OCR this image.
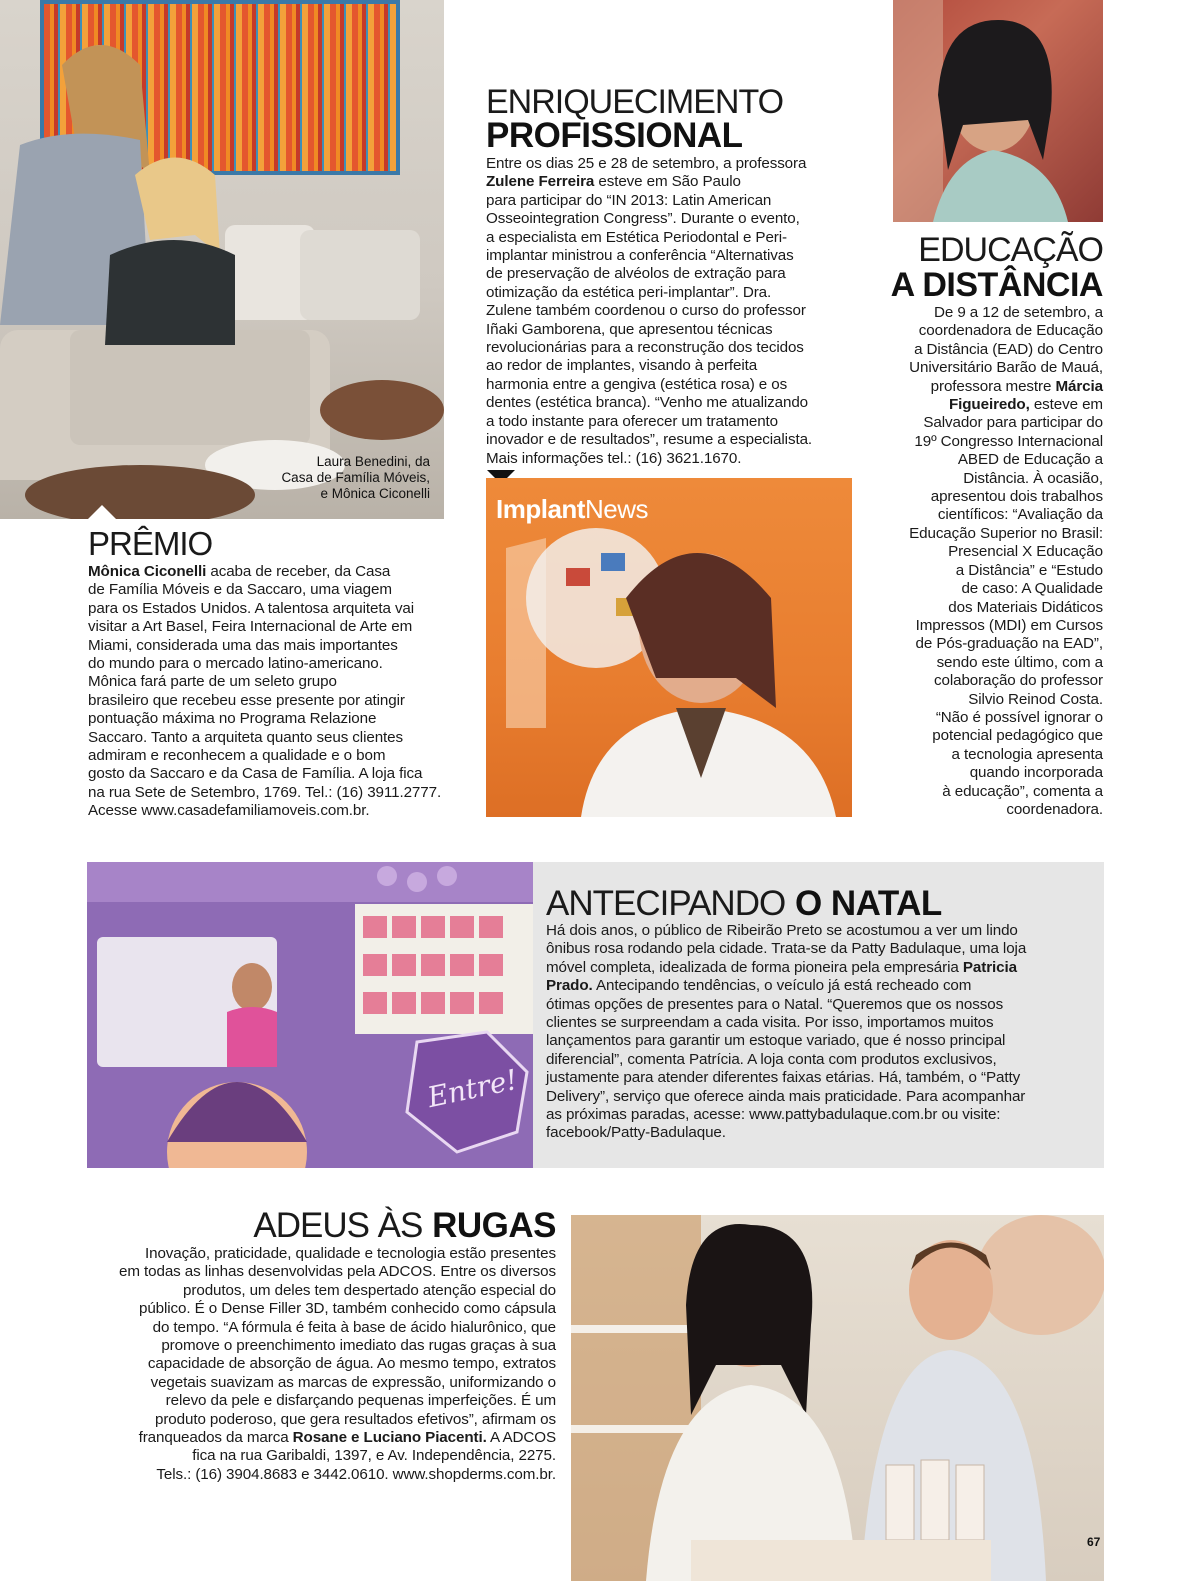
Laura Benedini, da
Casa de Família Móveis,
e Mônica Ciconelli
PRÊMIO

Mônica Ciconelli acaba de receber, da Casa

de Família Móveis e da Saccaro, uma viagem

para os Estados Unidos. A talentosa arquiteta vai

visitar a Art Basel, Feira Internacional de Arte em

Miami, considerada uma das mais importantes

do mundo para o mercado latino-americano.

Mônica fará parte de um seleto grupo

brasileiro que recebeu esse presente por atingir

pontuação máxima no Programa Relazione

Saccaro. Tanto a arquiteta quanto seus clientes

admiram e reconhecem a qualidade e o bom

gosto da Saccaro e da Casa de Família. A loja fica

na rua Sete de Setembro, 1769. Tel.: (16) 3911.2777.

Acesse www.casadefamiliamoveis.com.br.

ENRIQUECIMENTO
PROFISSIONAL

Entre os dias 25 e 28 de setembro, a professora

Zulene Ferreira esteve em São Paulo

para participar do “IN 2013: Latin American

Osseointegration Congress”. Durante o evento,

a especialista em Estética Periodontal e Peri-

implantar ministrou a conferência “Alternativas

de preservação de alvéolos de extração para

otimização da estética peri-implantar”. Dra.

Zulene também coordenou o curso do professor

Iñaki Gamborena, que apresentou técnicas

revolucionárias para a reconstrução dos tecidos

ao redor de implantes, visando à perfeita

harmonia entre a gengiva (estética rosa) e os

dentes (estética branca). “Venho me atualizando

a todo instante para oferecer um tratamento

inovador e de resultados”, resume a especialista.

Mais informações tel.: (16) 3621.1670.

ImplantNews
EDUCAÇÃO
A DISTÂNCIA

De 9 a 12 de setembro, a

coordenadora de Educação

a Distância (EAD) do Centro

Universitário Barão de Mauá,

professora mestre Márcia

Figueiredo, esteve em

Salvador para participar do

19º Congresso Internacional

ABED de Educação a

Distância. À ocasião,

apresentou dois trabalhos

científicos: “Avaliação da

Educação Superior no Brasil:

Presencial X Educação

a Distância” e “Estudo

de caso: A Qualidade

dos Materiais Didáticos

Impressos (MDI) em Cursos

de Pós-graduação na EAD”,

sendo este último, com a

colaboração do professor

Silvio Reinod Costa.

“Não é possível ignorar o

potencial pedagógico que

a tecnologia apresenta

quando incorporada

à educação”, comenta a

coordenadora.

Entre!
ANTECIPANDO O NATAL

Há dois anos, o público de Ribeirão Preto se acostumou a ver um lindo

ônibus rosa rodando pela cidade. Trata-se da Patty Badulaque, uma loja

móvel completa, idealizada de forma pioneira pela empresária Patricia

Prado. Antecipando tendências, o veículo já está recheado com

ótimas opções de presentes para o Natal. “Queremos que os nossos

clientes se surpreendam a cada visita. Por isso, importamos muitos

lançamentos para garantir um estoque variado, que é nosso principal

diferencial”, comenta Patrícia. A loja conta com produtos exclusivos,

justamente para atender diferentes faixas etárias. Há, também, o “Patty

Delivery”, serviço que oferece ainda mais praticidade. Para acompanhar

as próximas paradas, acesse: www.pattybadulaque.com.br ou visite:

facebook/Patty-Badulaque.

ADEUS ÀS RUGAS

Inovação, praticidade, qualidade e tecnologia estão presentes

em todas as linhas desenvolvidas pela ADCOS. Entre os diversos

produtos, um deles tem despertado atenção especial do

público. É o Dense Filler 3D, também conhecido como cápsula

do tempo. “A fórmula é feita à base de ácido hialurônico, que

promove o preenchimento imediato das rugas graças à sua

capacidade de absorção de água. Ao mesmo tempo, extratos

vegetais suavizam as marcas de expressão, uniformizando o

relevo da pele e disfarçando pequenas imperfeições. É um

produto poderoso, que gera resultados efetivos”, afirmam os

franqueados da marca Rosane e Luciano Piacenti. A ADCOS

fica na rua Garibaldi, 1397, e Av. Independência, 2275.

Tels.: (16) 3904.8683 e 3442.0610. www.shopderms.com.br.

67
